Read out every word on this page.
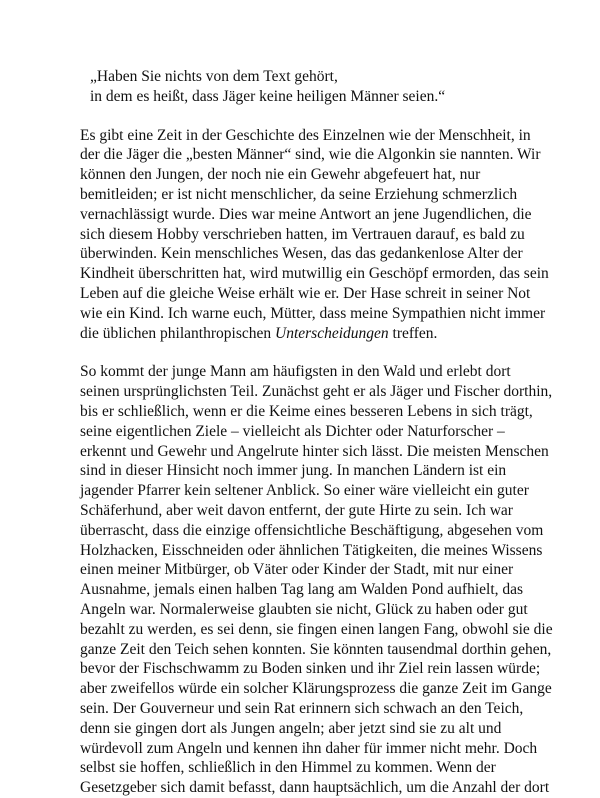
„Haben Sie nichts von dem Text gehört,
in dem es heißt, dass Jäger keine heiligen Männer seien.“
Es gibt eine Zeit in der Geschichte des Einzelnen wie der Menschheit, in
der die Jäger die „besten Männer“ sind, wie die Algonkin sie nannten. Wir
können den Jungen, der noch nie ein Gewehr abgefeuert hat, nur
bemitleiden; er ist nicht menschlicher, da seine Erziehung schmerzlich
vernachlässigt wurde. Dies war meine Antwort an jene Jugendlichen, die
sich diesem Hobby verschrieben hatten, im Vertrauen darauf, es bald zu
überwinden. Kein menschliches Wesen, das das gedankenlose Alter der
Kindheit überschritten hat, wird mutwillig ein Geschöpf ermorden, das sein
Leben auf die gleiche Weise erhält wie er. Der Hase schreit in seiner Not
wie ein Kind. Ich warne euch, Mütter, dass meine Sympathien nicht immer
die üblichen philanthropischen Unterscheidungen treffen.
So kommt der junge Mann am häufigsten in den Wald und erlebt dort
seinen ursprünglichsten Teil. Zunächst geht er als Jäger und Fischer dorthin,
bis er schließlich, wenn er die Keime eines besseren Lebens in sich trägt,
seine eigentlichen Ziele – vielleicht als Dichter oder Naturforscher –
erkennt und Gewehr und Angelrute hinter sich lässt. Die meisten Menschen
sind in dieser Hinsicht noch immer jung. In manchen Ländern ist ein
jagender Pfarrer kein seltener Anblick. So einer wäre vielleicht ein guter
Schäferhund, aber weit davon entfernt, der gute Hirte zu sein. Ich war
überrascht, dass die einzige offensichtliche Beschäftigung, abgesehen vom
Holzhacken, Eisschneiden oder ähnlichen Tätigkeiten, die meines Wissens
einen meiner Mitbürger, ob Väter oder Kinder der Stadt, mit nur einer
Ausnahme, jemals einen halben Tag lang am Walden Pond aufhielt, das
Angeln war. Normalerweise glaubten sie nicht, Glück zu haben oder gut
bezahlt zu werden, es sei denn, sie fingen einen langen Fang, obwohl sie die
ganze Zeit den Teich sehen konnten. Sie könnten tausendmal dorthin gehen,
bevor der Fischschwamm zu Boden sinken und ihr Ziel rein lassen würde;
aber zweifellos würde ein solcher Klärungsprozess die ganze Zeit im Gange
sein. Der Gouverneur und sein Rat erinnern sich schwach an den Teich,
denn sie gingen dort als Jungen angeln; aber jetzt sind sie zu alt und
würdevoll zum Angeln und kennen ihn daher für immer nicht mehr. Doch
selbst sie hoffen, schließlich in den Himmel zu kommen. Wenn der
Gesetzgeber sich damit befasst, dann hauptsächlich, um die Anzahl der dort
